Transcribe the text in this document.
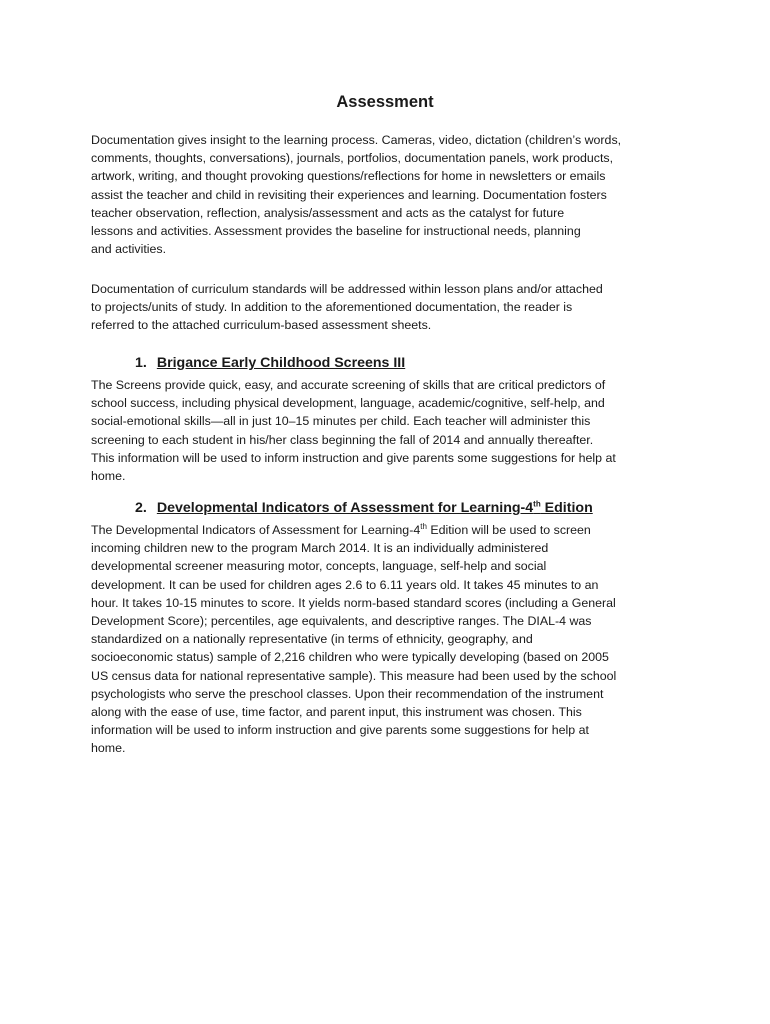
Assessment

Documentation gives insight to the learning process. Cameras, video, dictation (children’s words,
comments, thoughts, conversations), journals, portfolios, documentation panels, work products,
artwork, writing, and thought provoking questions/reflections for home in newsletters or emails
assist the teacher and child in revisiting their experiences and learning. Documentation fosters
teacher observation, reflection, analysis/assessment and acts as the catalyst for future
lessons and activities. Assessment provides the baseline for instructional needs, planning
and activities.

Documentation of curriculum standards will be addressed within lesson plans and/or attached
to projects/units of study. In addition to the aforementioned documentation, the reader is
referred to the attached curriculum-based assessment sheets.

1. Brigance Early Childhood Screens III

The Screens provide quick, easy, and accurate screening of skills that are critical predictors of
school success, including physical development, language, academic/cognitive, self-help, and
social-emotional skills—all in just 10–15 minutes per child. Each teacher will administer this
screening to each student in his/her class beginning the fall of 2014 and annually thereafter.
This information will be used to inform instruction and give parents some suggestions for help at
home.

2. Developmental Indicators of Assessment for Learning-4th Edition

The Developmental Indicators of Assessment for Learning-4th Edition will be used to screen
incoming children new to the program March 2014. It is an individually administered
developmental screener measuring motor, concepts, language, self-help and social
development. It can be used for children ages 2.6 to 6.11 years old. It takes 45 minutes to an
hour. It takes 10-15 minutes to score. It yields norm-based standard scores (including a General
Development Score); percentiles, age equivalents, and descriptive ranges. The DIAL-4 was
standardized on a nationally representative (in terms of ethnicity, geography, and
socioeconomic status) sample of 2,216 children who were typically developing (based on 2005
US census data for national representative sample). This measure had been used by the school
psychologists who serve the preschool classes. Upon their recommendation of the instrument
along with the ease of use, time factor, and parent input, this instrument was chosen. This
information will be used to inform instruction and give parents some suggestions for help at
home.
